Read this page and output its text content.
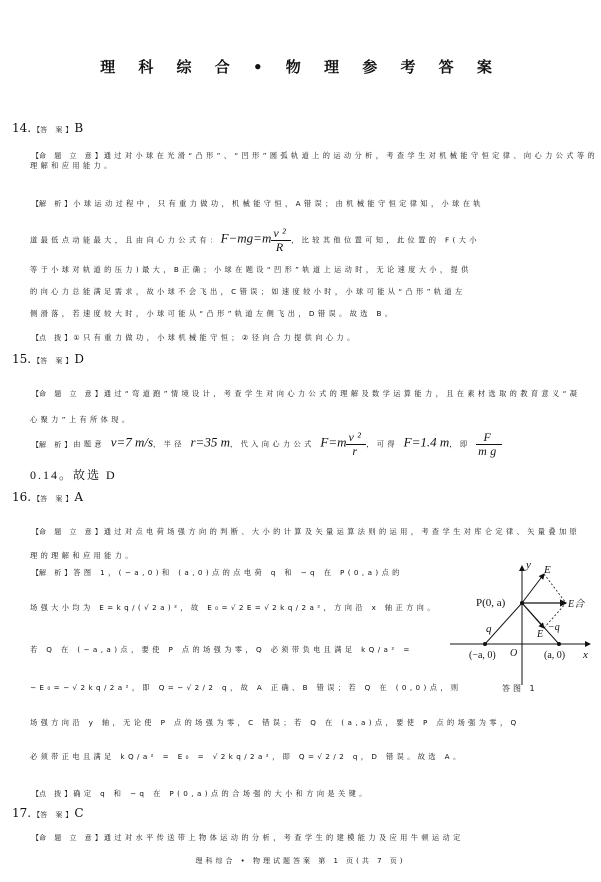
理 科 综 合 • 物 理 参 考 答 案
14. 【 答 案 】 B
【 命 题 立 意 】 通过对小球在光滑“凸形”、“凹形”圆弧轨道上的运动分析，考查学生对机械能守恒定律、向心力公式等的理解和应用能力。
【 解 析 】 小球运动过程中，只有重力做功，机械能守恒，A错误；由机械能守恒定律知，小球在轨
道最低点动能最大，且由向心力公式有：$F-mg=m \frac{\text{v²}}{R}$ ，比较其他位置可知，此位置的 F(大小
等于小球对轨道的压力)最大，B正确；小球在题设“凹形”轨道上运动时，无论速度大小，提供
的向心力总能满足需求，故小球不会飞出，C错误；如速度较小时，小球可能从“凸形”轨道左
侧滑落，若速度较大时，小球可能从“凸形”轨道左侧飞出，D错误。故选 B。
【 点 拨 】 ①只有重力做功，小球机械能守恒；②径向合力提供向心力。
15. 【 答 案 】 D
【 命 题 立 意 】 通过“弯道跑”情境设计，考查学生对向心力公式的理解及数学运算能力，且在素材选取的教育意义“凝心聚力”上有所体现。
【 解 析 】 由题意 v=7 m/s，半径 r=35 m，代入向心力公式 $F=m \frac{\text{v²}}{r}$ ，可得 F=1.4 m，即 $\frac{F}{mg}$
0.14。故选 D
16. 【 答 案 】 A
【 命 题 立 意 】 通过对点电荷场强方向的判断、大小的计算及矢量运算法则的运用，考查学生对库仑定律、矢量叠加原理的理解和应用能力。
【 解 析 】 答图 1，(−a,0)和 (a,0)点的点电荷 q 和 −q 在 P(0,a)点的
场强大小均为 E=kq/(√2a)²，故 E₀=√2E=√2kq/2a²，方向沿 x 轴正方向。
若 Q 在 (−a,a)点，要使 P 点的场强为零，Q 必须带负电且满足 kQ/a² =
−E₀=−√2kq/2a²，即 Q=−√2/2 q，故 A 正确、B 错误；若 Q 在 (0,0)点，则
场强方向沿 y 轴，无论使 P 点的场强为零，C 错误；若 Q 在 (a,a)点，要使 P 点的场强为零，Q
必须带正电且满足 kQ/a² = E₀ = √2kq/2a²，即 Q=√2/2 q，D 错误。故选 A。
【 点 拨 】 确定 q 和 −q 在 P(0,a)点的合场强的大小和方向是关键。
y
x
E
P(0, a)	E合
q	E
−q
(−a, 0) O	(a, 0)
答图 1
17. 【 答 案 】 C
【 命 题 立 意 】 通过对水平传送带上物体运动的分析，考查学生的建模能力及应用牛顿运动定
理科综合 • 物理试题答案 第 1 页(共 7 页)
